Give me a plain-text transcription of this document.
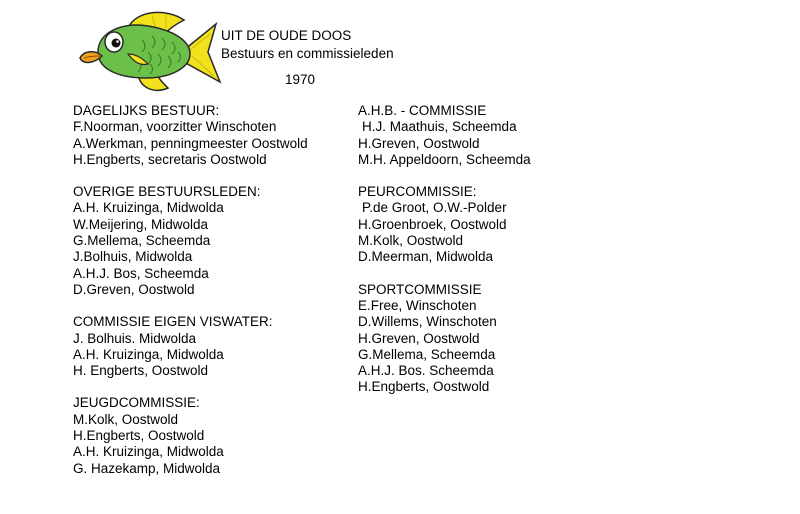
UIT DE OUDE DOOS
Bestuurs en commissieleden
1970
DAGELIJKS BESTUUR:
F.Noorman, voorzitter Winschoten
A.Werkman, penningmeester Oostwold
H.Engberts, secretaris Oostwold
OVERIGE BESTUURSLEDEN:
A.H. Kruizinga, Midwolda
W.Meijering, Midwolda
G.Mellema, Scheemda
J.Bolhuis, Midwolda
A.H.J. Bos, Scheemda
D.Greven, Oostwold
COMMISSIE EIGEN VISWATER:
J. Bolhuis. Midwolda
A.H. Kruizinga, Midwolda
H. Engberts, Oostwold
JEUGDCOMMISSIE:
M.Kolk, Oostwold
H.Engberts, Oostwold
A.H. Kruizinga, Midwolda
G. Hazekamp, Midwolda
A.H.B. - COMMISSIE
H.J. Maathuis, Scheemda
H.Greven, Oostwold
M.H. Appeldoorn, Scheemda
PEURCOMMISSIE:
P.de Groot, O.W.-Polder
H.Groenbroek, Oostwold
M.Kolk, Oostwold
D.Meerman, Midwolda
SPORTCOMMISSIE
E.Free, Winschoten
D.Willems, Winschoten
H.Greven, Oostwold
G.Mellema, Scheemda
A.H.J. Bos. Scheemda
H.Engberts, Oostwold
